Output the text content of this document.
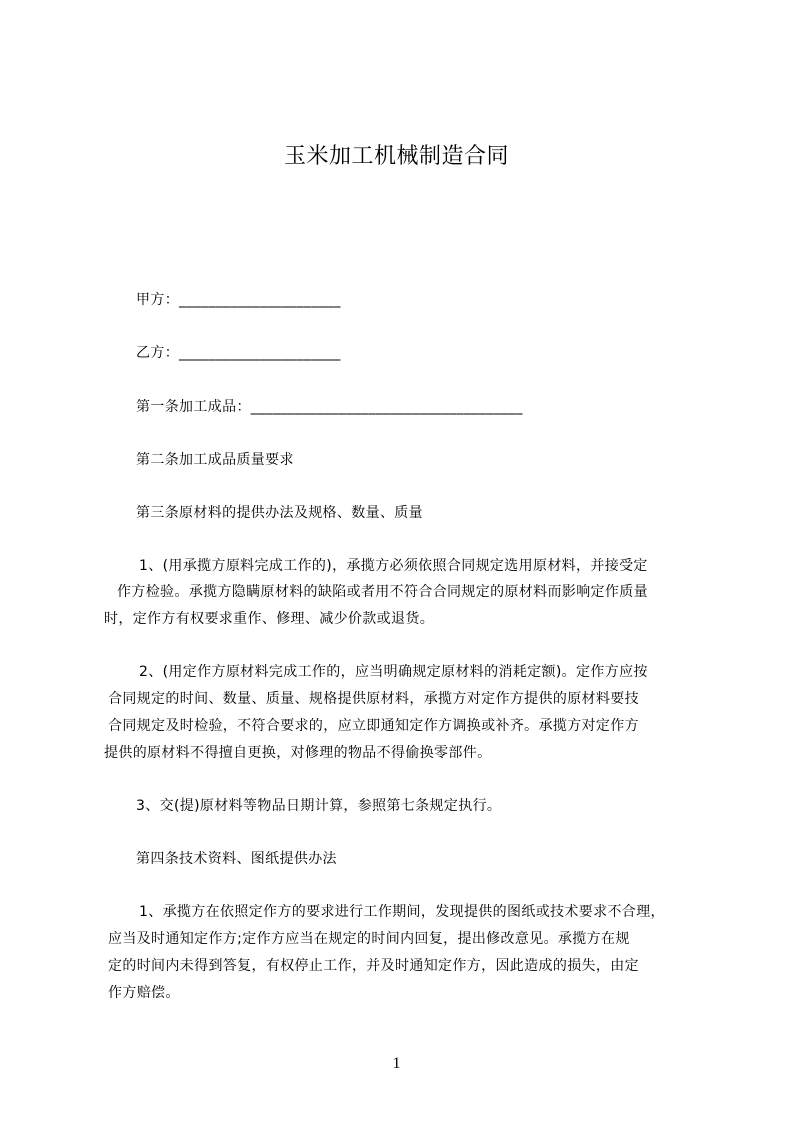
玉米加工机械制造合同

甲方：______________________

乙方：______________________

第一条加工成品：_____________________________________

第二条加工成品质量要求

第三条原材料的提供办法及规格、数量、质量

1、(用承揽方原料完成工作的)，承揽方必须依照合同规定选用原材料，并接受定

作方检验。承揽方隐瞒原材料的缺陷或者用不符合合同规定的原材料而影响定作质量

时，定作方有权要求重作、修理、减少价款或退货。

2、(用定作方原材料完成工作的，应当明确规定原材料的消耗定额)。定作方应按

合同规定的时间、数量、质量、规格提供原材料，承揽方对定作方提供的原材料要技

合同规定及时检验，不符合要求的，应立即通知定作方调换或补齐。承揽方对定作方

提供的原材料不得擅自更换，对修理的物品不得偷换零部件。

3、交(提)原材料等物品日期计算，参照第七条规定执行。

第四条技术资料、图纸提供办法

1、承揽方在依照定作方的要求进行工作期间，发现提供的图纸或技术要求不合理，

应当及时通知定作方;定作方应当在规定的时间内回复，提出修改意见。承揽方在规

定的时间内未得到答复，有权停止工作，并及时通知定作方，因此造成的损失，由定

作方赔偿。

1
